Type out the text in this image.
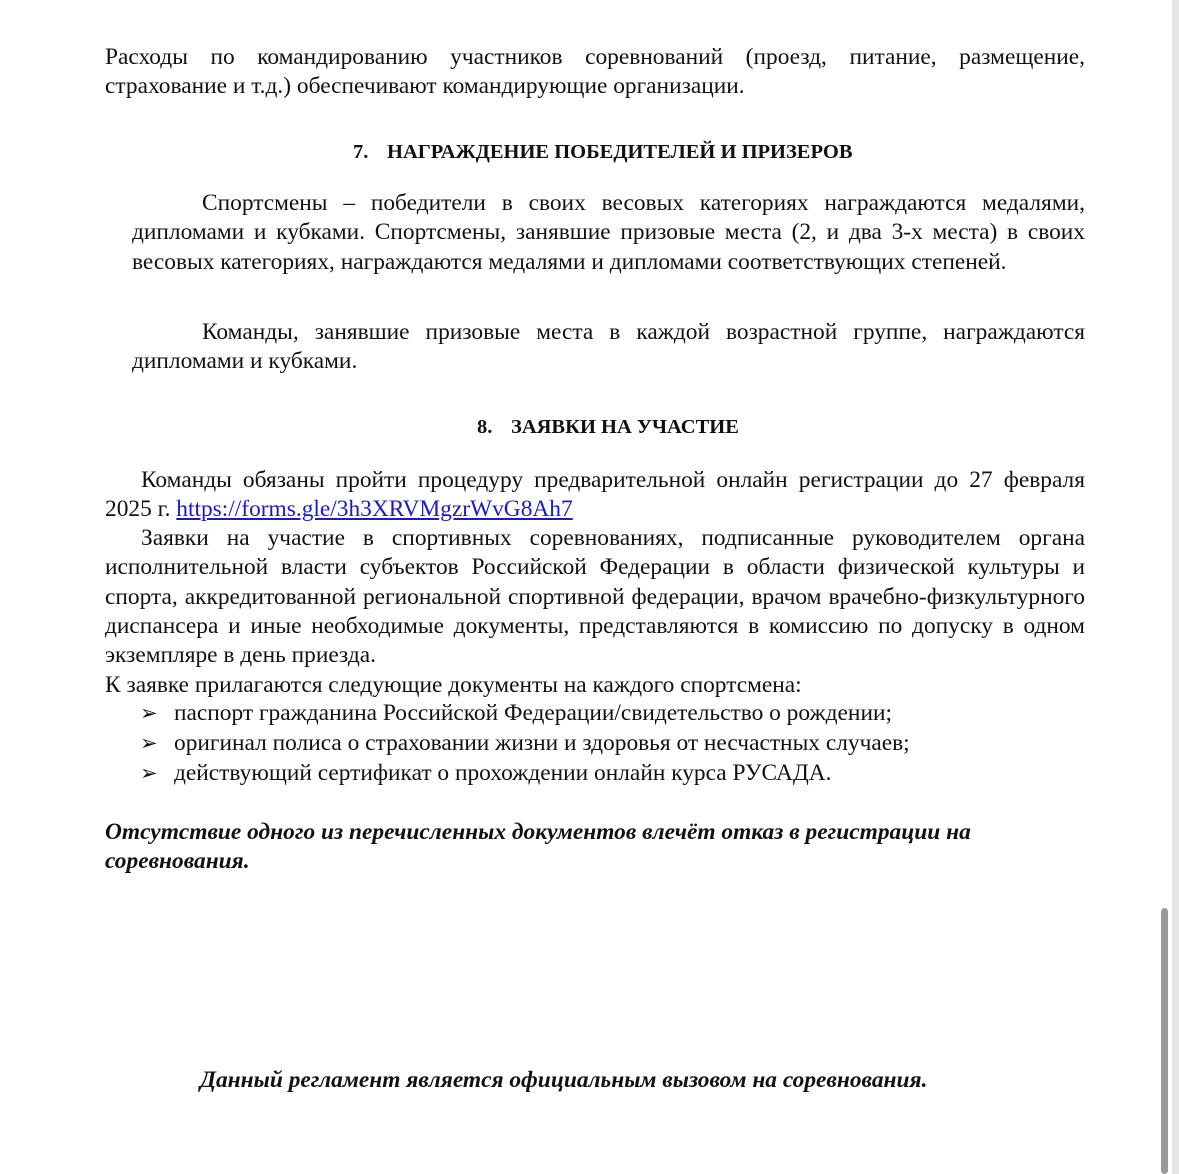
Расходы по командированию участников соревнований (проезд, питание, размещение, страхование и т.д.) обеспечивают командирующие организации.

7. НАГРАЖДЕНИЕ ПОБЕДИТЕЛЕЙ И ПРИЗЕРОВ

Спортсмены – победители в своих весовых категориях награждаются медалями, дипломами и кубками. Спортсмены, занявшие призовые места (2, и два 3-х места) в своих весовых категориях, награждаются медалями и дипломами соответствующих степеней.

Команды, занявшие призовые места в каждой возрастной группе, награждаются дипломами и кубками.

8. ЗАЯВКИ НА УЧАСТИЕ

Команды обязаны пройти процедуру предварительной онлайн регистрации до 27 февраля 2025 г. https://forms.gle/3h3XRVMgzrWvG8Ah7

Заявки на участие в спортивных соревнованиях, подписанные руководителем органа исполнительной власти субъектов Российской Федерации в области физической культуры и спорта, аккредитованной региональной спортивной федерации, врачом врачебно-физкультурного диспансера и иные необходимые документы, представляются в комиссию по допуску в одном экземпляре в день приезда.

К заявке прилагаются следующие документы на каждого спортсмена:

➢ паспорт гражданина Российской Федерации/свидетельство о рождении;
➢ оригинал полиса о страховании жизни и здоровья от несчастных случаев;
➢ действующий сертификат о прохождении онлайн курса РУСАДА.

Отсутствие одного из перечисленных документов влечёт отказ в регистрации на соревнования.

Данный регламент является официальным вызовом на соревнования.
